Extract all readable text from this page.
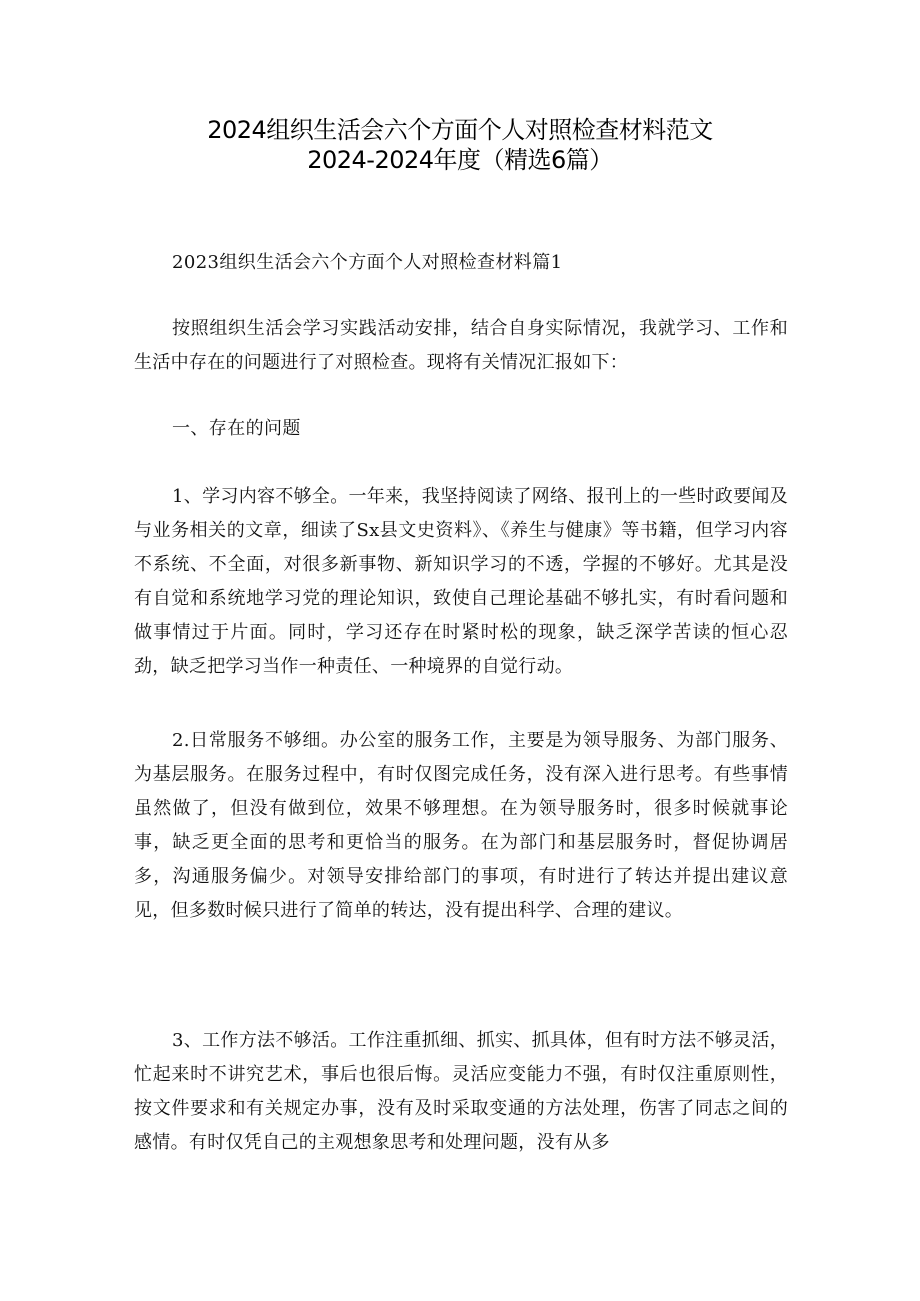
2024组织生活会六个方面个人对照检查材料范文
2024-2024年度（精选6篇）
2023组织生活会六个方面个人对照检查材料篇1
按照组织生活会学习实践活动安排，结合自身实际情况，我就学习、工作和生活中存在的问题进行了对照检查。现将有关情况汇报如下：
一、存在的问题
1、学习内容不够全。一年来，我坚持阅读了网络、报刊上的一些时政要闻及与业务相关的文章，细读了Sx县文史资料》、《养生与健康》等书籍，但学习内容不系统、不全面，对很多新事物、新知识学习的不透，学握的不够好。尤其是没有自觉和系统地学习党的理论知识，致使自己理论基础不够扎实，有时看问题和做事情过于片面。同时，学习还存在时紧时松的现象，缺乏深学苦读的恒心忍劲，缺乏把学习当作一种责任、一种境界的自觉行动。
2.日常服务不够细。办公室的服务工作，主要是为领导服务、为部门服务、为基层服务。在服务过程中，有时仅图完成任务，没有深入进行思考。有些事情虽然做了，但没有做到位，效果不够理想。在为领导服务时，很多时候就事论事，缺乏更全面的思考和更恰当的服务。在为部门和基层服务时，督促协调居多，沟通服务偏少。对领导安排给部门的事项，有时进行了转达并提出建议意见，但多数时候只进行了简单的转达，没有提出科学、合理的建议。
3、工作方法不够活。工作注重抓细、抓实、抓具体，但有时方法不够灵活，忙起来时不讲究艺术，事后也很后悔。灵活应变能力不强，有时仅注重原则性，按文件要求和有关规定办事，没有及时采取变通的方法处理，伤害了同志之间的感情。有时仅凭自己的主观想象思考和处理问题，没有从多
